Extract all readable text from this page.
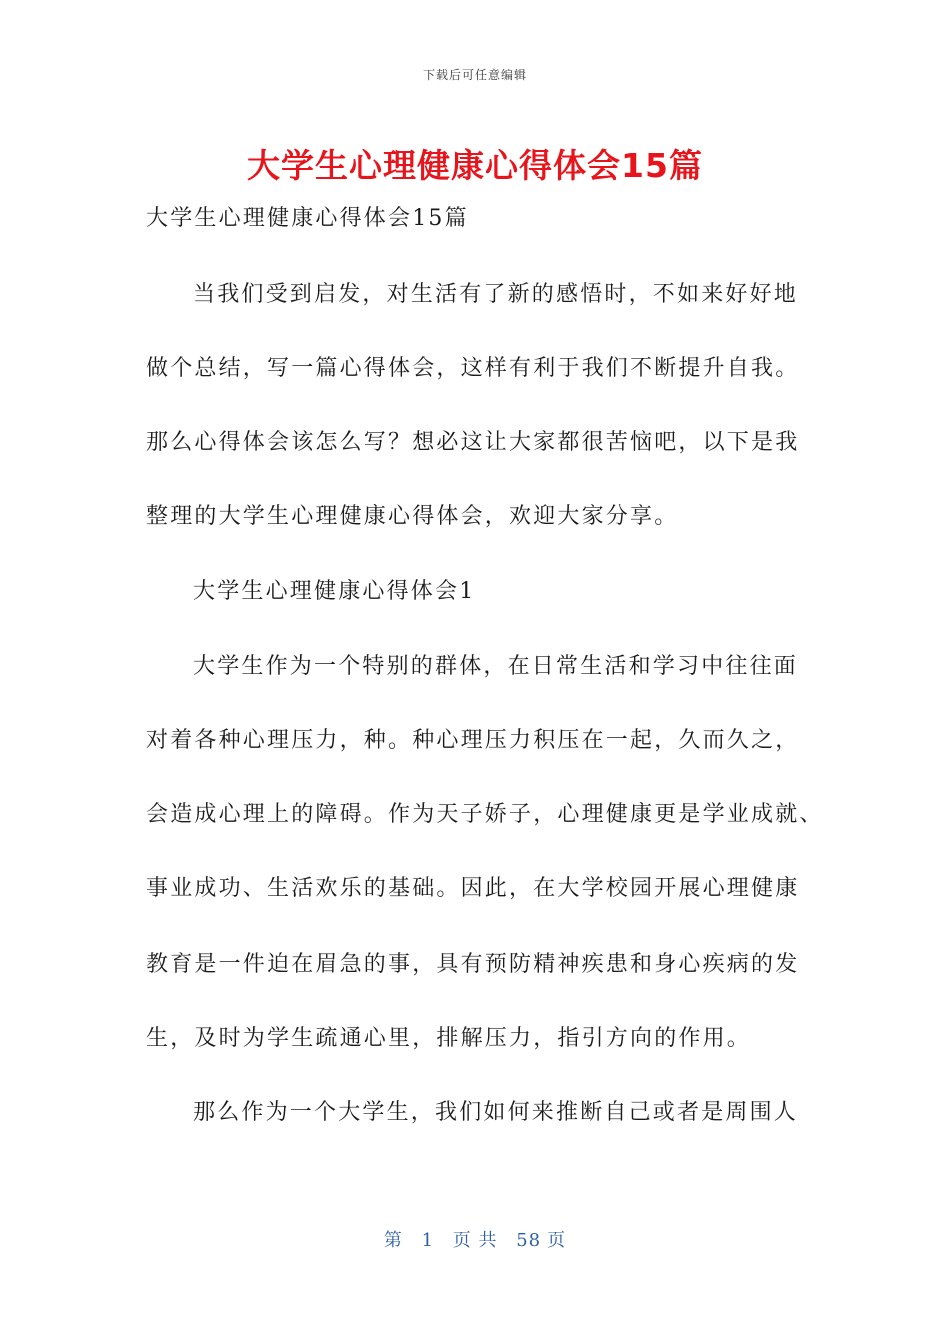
下载后可任意编辑
大学生心理健康心得体会15篇
大学生心理健康心得体会15篇
当我们受到启发，对生活有了新的感悟时，不如来好好地
做个总结，写一篇心得体会，这样有利于我们不断提升自我。
那么心得体会该怎么写？想必这让大家都很苦恼吧，以下是我
整理的大学生心理健康心得体会，欢迎大家分享。
大学生心理健康心得体会1
大学生作为一个特别的群体，在日常生活和学习中往往面
对着各种心理压力，种。种心理压力积压在一起，久而久之，
会造成心理上的障碍。作为天子娇子，心理健康更是学业成就、
事业成功、生活欢乐的基础。因此，在大学校园开展心理健康
教育是一件迫在眉急的事，具有预防精神疾患和身心疾病的发
生，及时为学生疏通心里，排解压力，指引方向的作用。
那么作为一个大学生，我们如何来推断自己或者是周围人
第 1 页 共 58 页
